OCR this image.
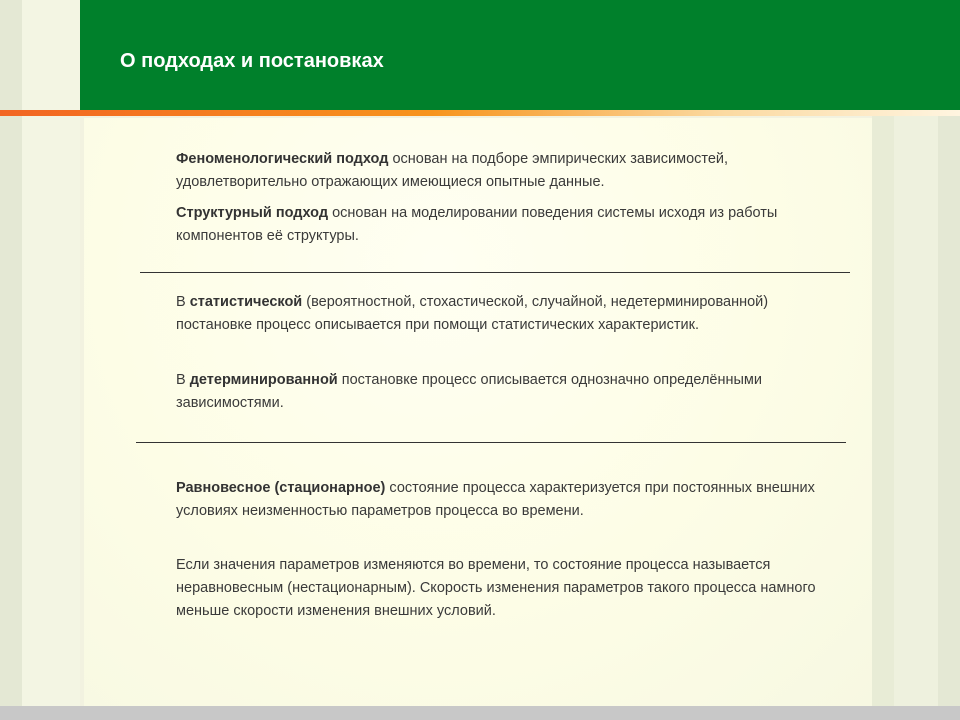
О подходах и постановках
Феноменологический подход основан на подборе эмпирических зависимостей, удовлетворительно отражающих имеющиеся опытные данные.
Структурный подход основан на моделировании поведения системы исходя из работы компонентов её структуры.
В статистической (вероятностной, стохастической, случайной, недетерминированной) постановке процесс описывается при помощи статистических характеристик.
В детерминированной постановке процесс описывается однозначно определёнными зависимостями.
Равновесное (стационарное) состояние процесса характеризуется при постоянных внешних условиях неизменностью параметров процесса во времени.
Если значения параметров изменяются во времени, то состояние процесса называется неравновесным (нестационарным). Скорость изменения параметров такого процесса намного меньше скорости изменения внешних условий.
